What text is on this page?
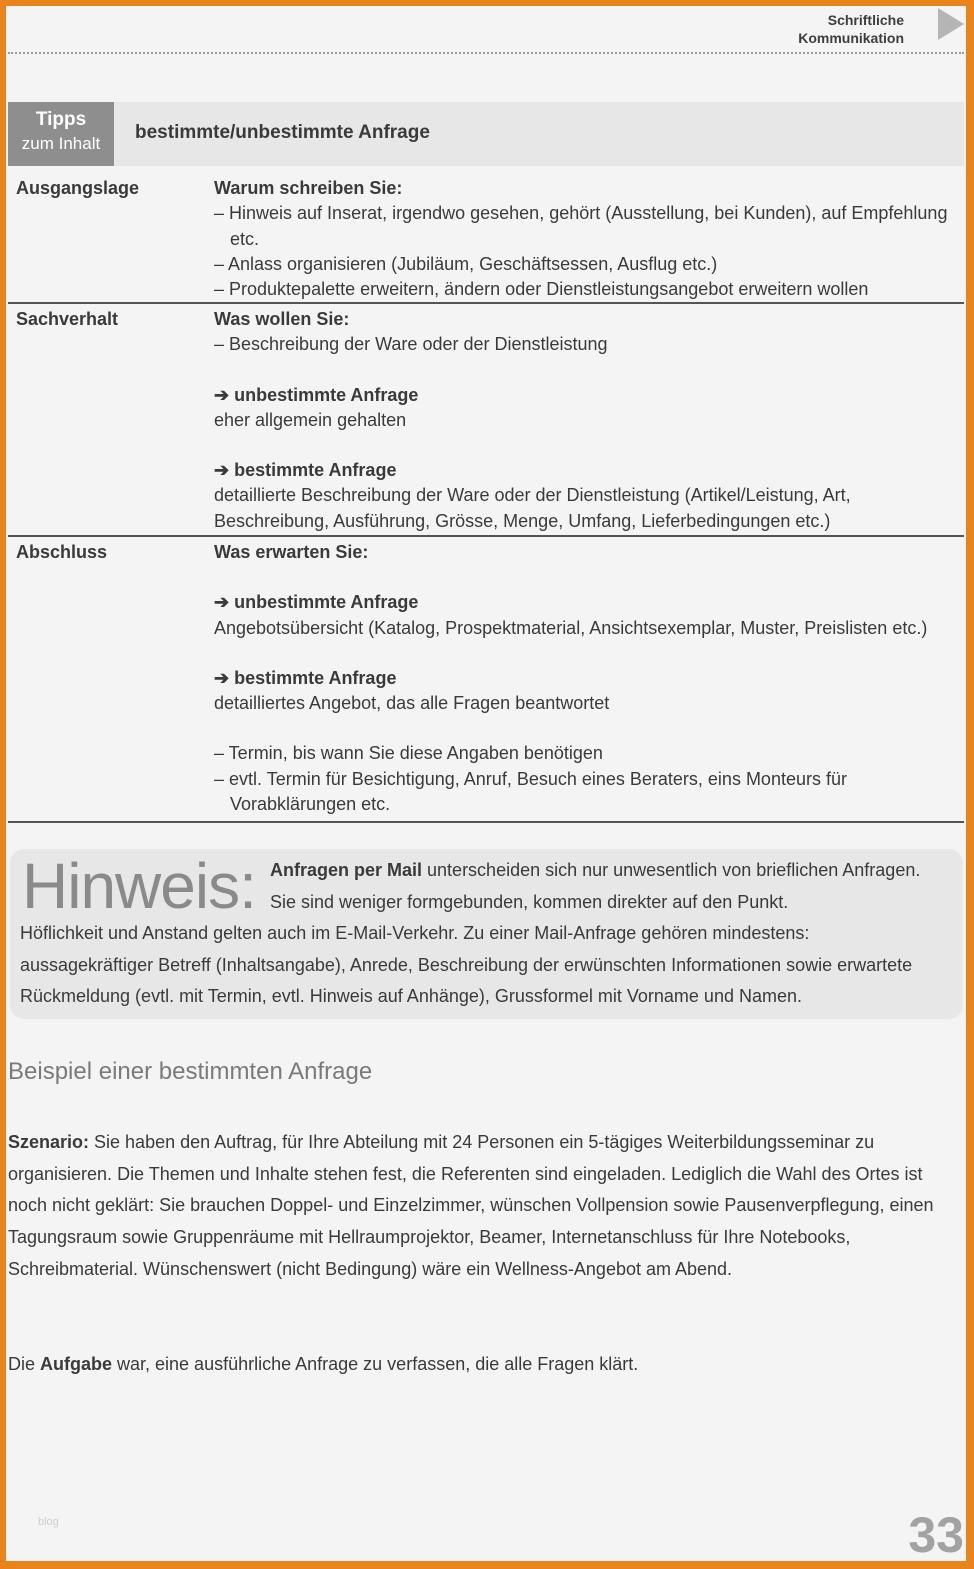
Schriftliche
Kommunikation
Tipps
zum Inhalt
bestimmte/unbestimmte Anfrage
Ausgangslage	Warum schreiben Sie:
– Hinweis auf Inserat, irgendwo gesehen, gehört (Ausstellung, bei Kunden), auf Empfehlung etc.
– Anlass organisieren (Jubiläum, Geschäftsessen, Ausflug etc.)
– Produktepalette erweitern, ändern oder Dienstleistungsangebot erweitern wollen
Sachverhalt	Was wollen Sie:
– Beschreibung der Ware oder der Dienstleistung
➔ unbestimmte Anfrage
eher allgemein gehalten
➔ bestimmte Anfrage
detaillierte Beschreibung der Ware oder der Dienstleistung (Artikel/Leistung, Art, Beschreibung, Ausführung, Grösse, Menge, Umfang, Lieferbedingungen etc.)
Abschluss	Was erwarten Sie:
➔ unbestimmte Anfrage
Angebotsübersicht (Katalog, Prospektmaterial, Ansichtsexemplar, Muster, Preislisten etc.)
➔ bestimmte Anfrage
detailliertes Angebot, das alle Fragen beantwortet
– Termin, bis wann Sie diese Angaben benötigen
– evtl. Termin für Besichtigung, Anruf, Besuch eines Beraters, eins Monteurs für Vorabklärungen etc.
Hinweis: Anfragen per Mail unterscheiden sich nur unwesentlich von brieflichen Anfragen. Sie sind weniger formgebunden, kommen direkter auf den Punkt.
Höflichkeit und Anstand gelten auch im E-Mail-Verkehr. Zu einer Mail-Anfrage gehören mindestens: aussagekräftiger Betreff (Inhaltsangabe), Anrede, Beschreibung der erwünschten Informationen sowie erwartete Rückmeldung (evtl. mit Termin, evtl. Hinweis auf Anhänge), Grussformel mit Vorname und Namen.
Beispiel einer bestimmten Anfrage
Szenario: Sie haben den Auftrag, für Ihre Abteilung mit 24 Personen ein 5-tägiges Weiterbildungsseminar zu organisieren. Die Themen und Inhalte stehen fest, die Referenten sind eingeladen. Lediglich die Wahl des Ortes ist noch nicht geklärt: Sie brauchen Doppel- und Einzelzimmer, wünschen Vollpension sowie Pausenverpflegung, einen Tagungsraum sowie Gruppenräume mit Hellraumprojektor, Beamer, Internetanschluss für Ihre Notebooks, Schreibmaterial. Wünschenswert (nicht Bedingung) wäre ein Wellness-Angebot am Abend.
Die Aufgabe war, eine ausführliche Anfrage zu verfassen, die alle Fragen klärt.
blog	33
